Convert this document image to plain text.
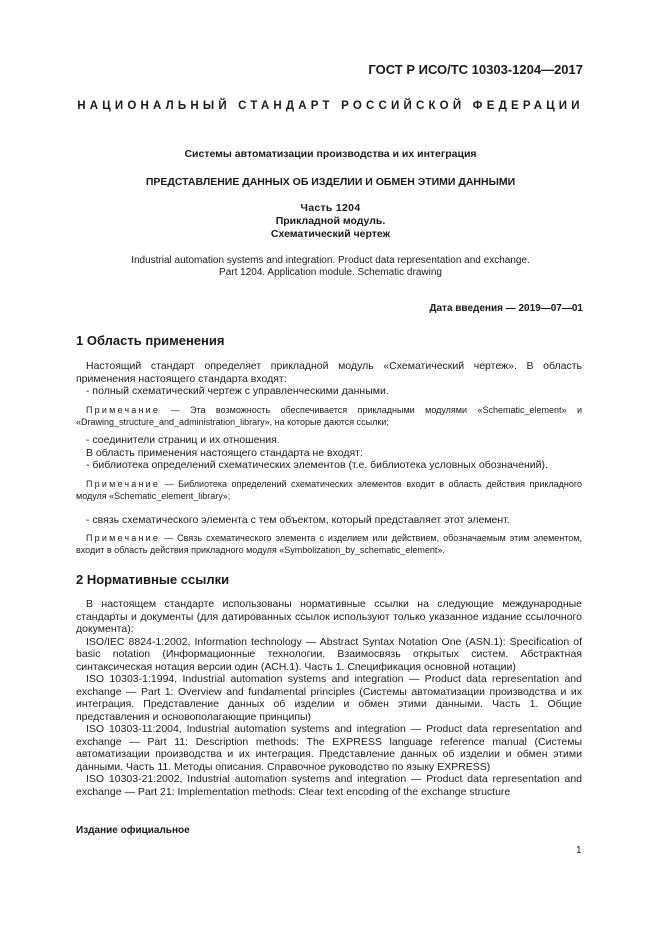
ГОСТ Р ИСО/ТС 10303-1204—2017
НАЦИОНАЛЬНЫЙ СТАНДАРТ РОССИЙСКОЙ ФЕДЕРАЦИИ
Системы автоматизации производства и их интеграция
ПРЕДСТАВЛЕНИЕ ДАННЫХ ОБ ИЗДЕЛИИ И ОБМЕН ЭТИМИ ДАННЫМИ
Часть 1204
Прикладной модуль.
Схематический чертеж
Industrial automation systems and integration. Product data representation and exchange.
Part 1204. Application module. Schematic drawing
Дата введения — 2019—07—01
1 Область применения

Настоящий стандарт определяет прикладной модуль «Схематический чертеж». В область применения настоящего стандарта входят:

- полный схематический чертеж с управленческими данными.

Примечание — Эта возможность обеспечивается прикладными модулями «Schematic_element» и «Drawing_structure_and_administration_library», на которые даются ссылки;

- соединители страниц и их отношения.

В область применения настоящего стандарта не входят:

- библиотека определений схематических элементов (т.е. библиотека условных обозначений).

Примечание — Библиотека определений схематических элементов входит в область действия прикладного модуля «Schematic_element_library»;

- связь схематического элемента с тем объектом, который представляет этот элемент.

Примечание — Связь схематического элемента с изделием или действием, обозначаемым этим элементом, входит в область действия прикладного модуля «Symbolization_by_schematic_element».

2 Нормативные ссылки

В настоящем стандарте использованы нормативные ссылки на следующие международные стандарты и документы (для датированных ссылок используют только указанное издание ссылочного документа):

ISO/IEC 8824-1:2002, Information technology — Abstract Syntax Notation One (ASN.1): Specification of basic notation (Информационные технологии. Взаимосвязь открытых систем. Абстрактная синтаксическая нотация версии один (АСН.1). Часть 1. Спецификация основной нотации)

ISO 10303-1:1994, Industrial automation systems and integration — Product data representation and exchange — Part 1: Overview and fundamental principles (Системы автоматизации производства и их интеграция. Представление данных об изделии и обмен этими данными. Часть 1. Общие представления и основополагающие принципы)

ISO 10303-11:2004, Industrial automation systems and integration — Product data representation and exchange — Part 11: Description methods: The EXPRESS language reference manual (Системы автоматизации производства и их интеграция. Представление данных об изделии и обмен этими данными. Часть 11. Методы описания. Справочное руководство по языку EXPRESS)

ISO 10303-21:2002, Industrial automation systems and integration — Product data representation and exchange — Part 21: Implementation methods: Clear text encoding of the exchange structure

Издание официальное
1
